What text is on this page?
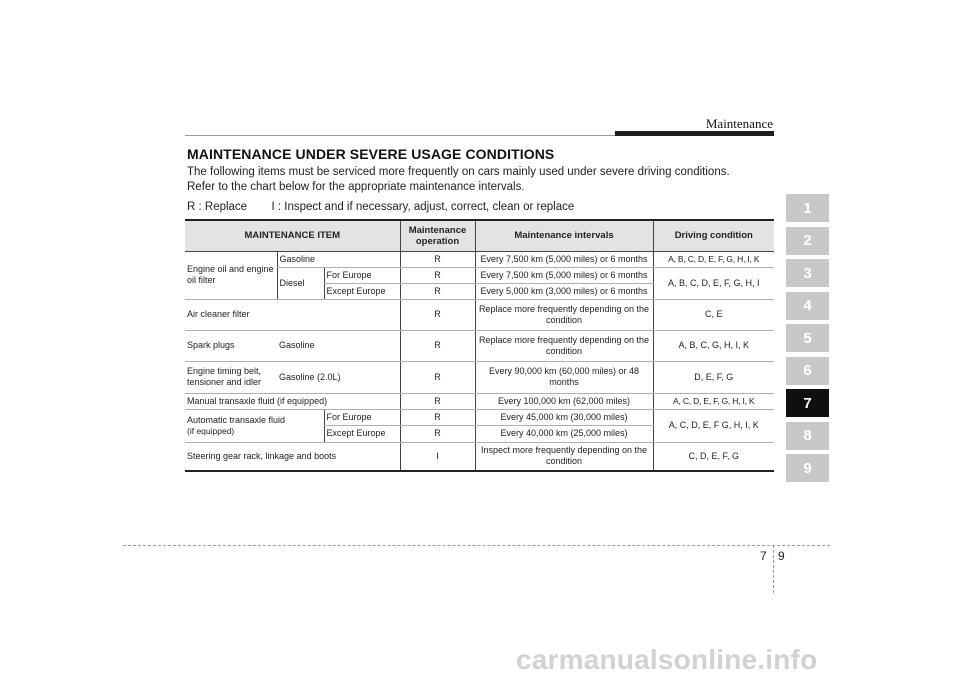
Maintenance
MAINTENANCE UNDER SEVERE USAGE CONDITIONS
The following items must be serviced more frequently on cars mainly used under severe driving conditions.
Refer to the chart below for the appropriate maintenance intervals.
R : Replace I : Inspect and if necessary, adjust, correct, clean or replace
MAINTENANCE ITEM			Maintenance operation	Maintenance intervals	Driving condition
Engine oil and engine oil filter	Gasoline		R	Every 7,500 km (5,000 miles) or 6 months	A, B, C, D, E, F, G, H, I, K
	Diesel	For Europe	R	Every 7,500 km (5,000 miles) or 6 months	A, B, C, D, E, F, G, H, I
		Except Europe	R	Every 5,000 km (3,000 miles) or 6 months	
Air cleaner filter			R	Replace more frequently depending on the condition	C, E
Spark plugs	Gasoline		R	Replace more frequently depending on the condition	A, B, C, G, H, I, K
Engine timing belt, tensioner and idler	Gasoline (2.0L)		R	Every 90,000 km (60,000 miles) or 48 months	D, E, F, G
Manual transaxle fluid (if equipped)			R	Every 100,000 km (62,000 miles)	A, C, D, E, F, G, H, I, K

Automatic transaxle fluid
(if equipped)		For Europe	R	Every 45,000 km (30,000 miles)	A, C, D, E, F G, H, I, K
		Except Europe	R	Every 40,000 km (25,000 miles)	
Steering gear rack, linkage and boots			I	Inspect more frequently depending on the condition	C, D, E, F, G
1
2
3
4
5
6
7
8
9
7 9
carmanualsonline.info
